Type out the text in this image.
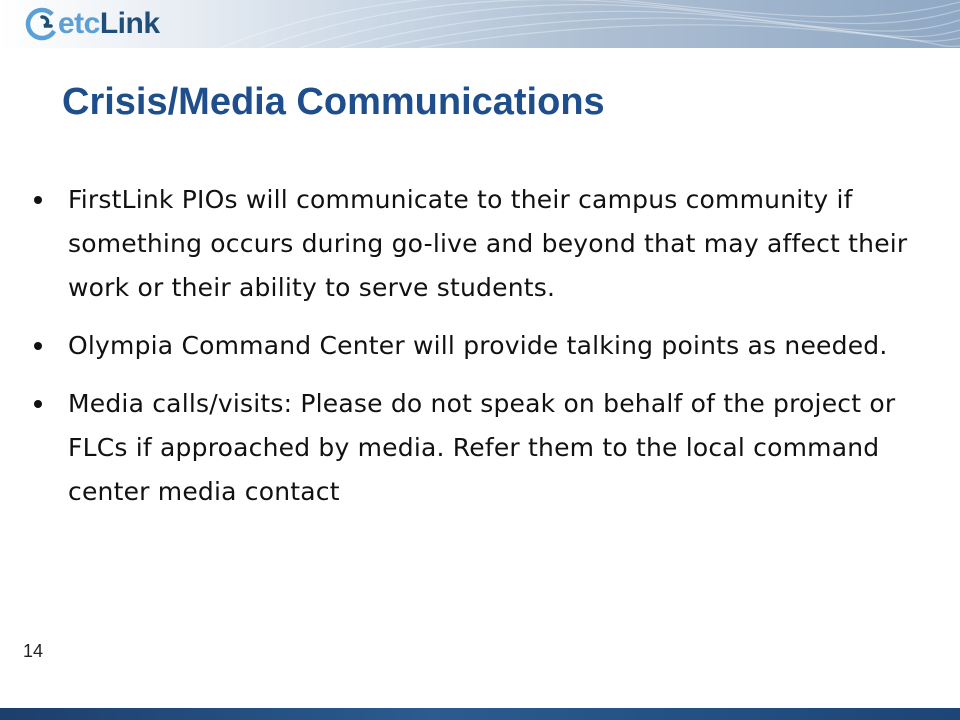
etcLink
Crisis/Media Communications
FirstLink PIOs will communicate to their campus community if something occurs during go-live and beyond that may affect their work or their ability to serve students.
Olympia Command Center will provide talking points as needed.
Media calls/visits: Please do not speak on behalf of the project or FLCs if approached by media. Refer them to the local command center media contact
14
